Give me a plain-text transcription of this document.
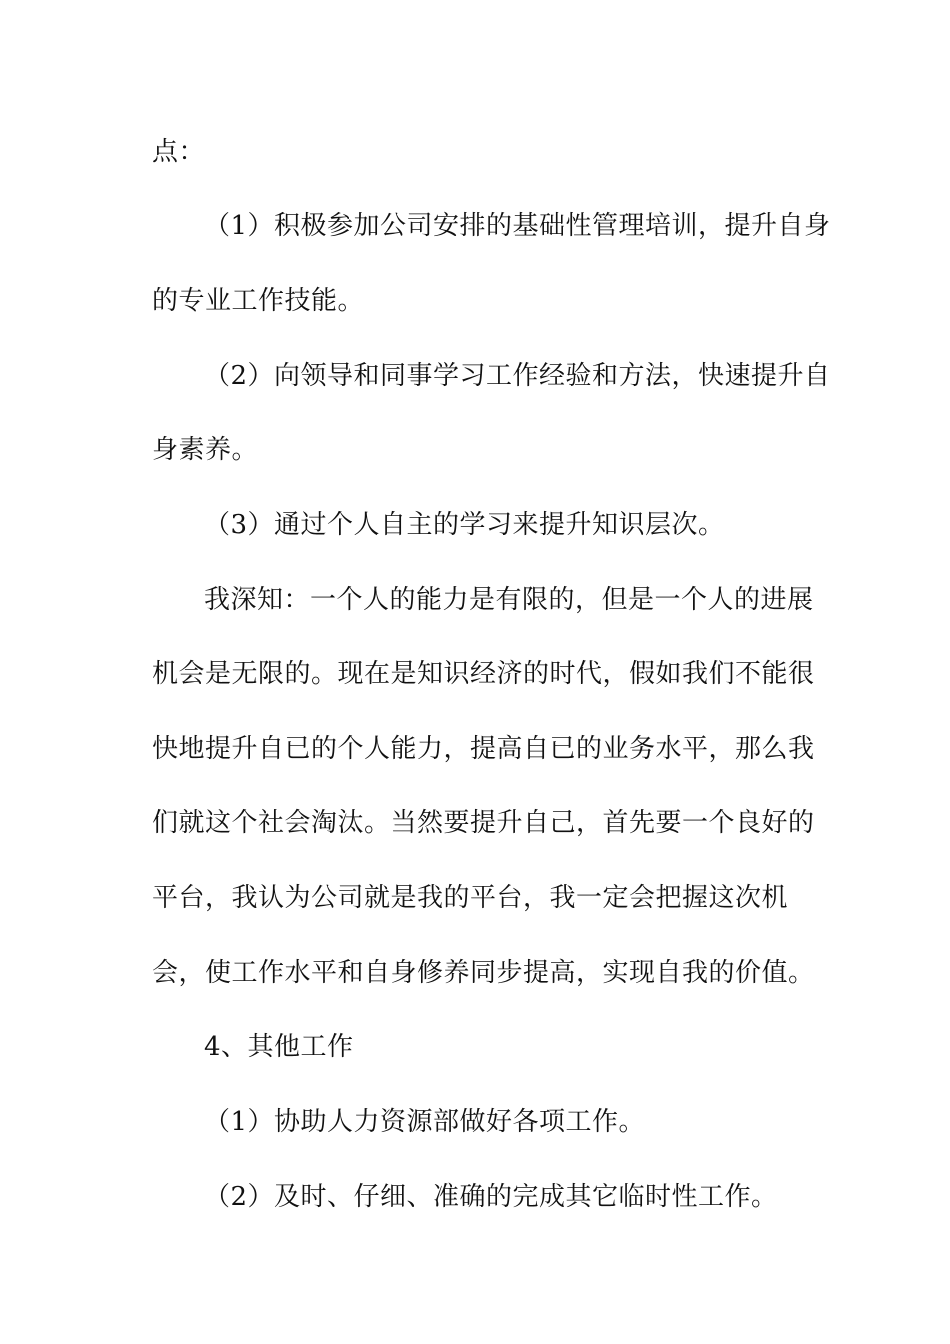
点：
（1）积极参加公司安排的基础性管理培训，提升自身
的专业工作技能。
（2）向领导和同事学习工作经验和方法，快速提升自
身素养。
（3）通过个人自主的学习来提升知识层次。
我深知：一个人的能力是有限的，但是一个人的进展
机会是无限的。现在是知识经济的时代，假如我们不能很
快地提升自已的个人能力，提高自已的业务水平，那么我
们就这个社会淘汰。当然要提升自己，首先要一个良好的
平台，我认为公司就是我的平台，我一定会把握这次机
会，使工作水平和自身修养同步提高，实现自我的价值。
4、其他工作
（1）协助人力资源部做好各项工作。
（2）及时、仔细、准确的完成其它临时性工作。
